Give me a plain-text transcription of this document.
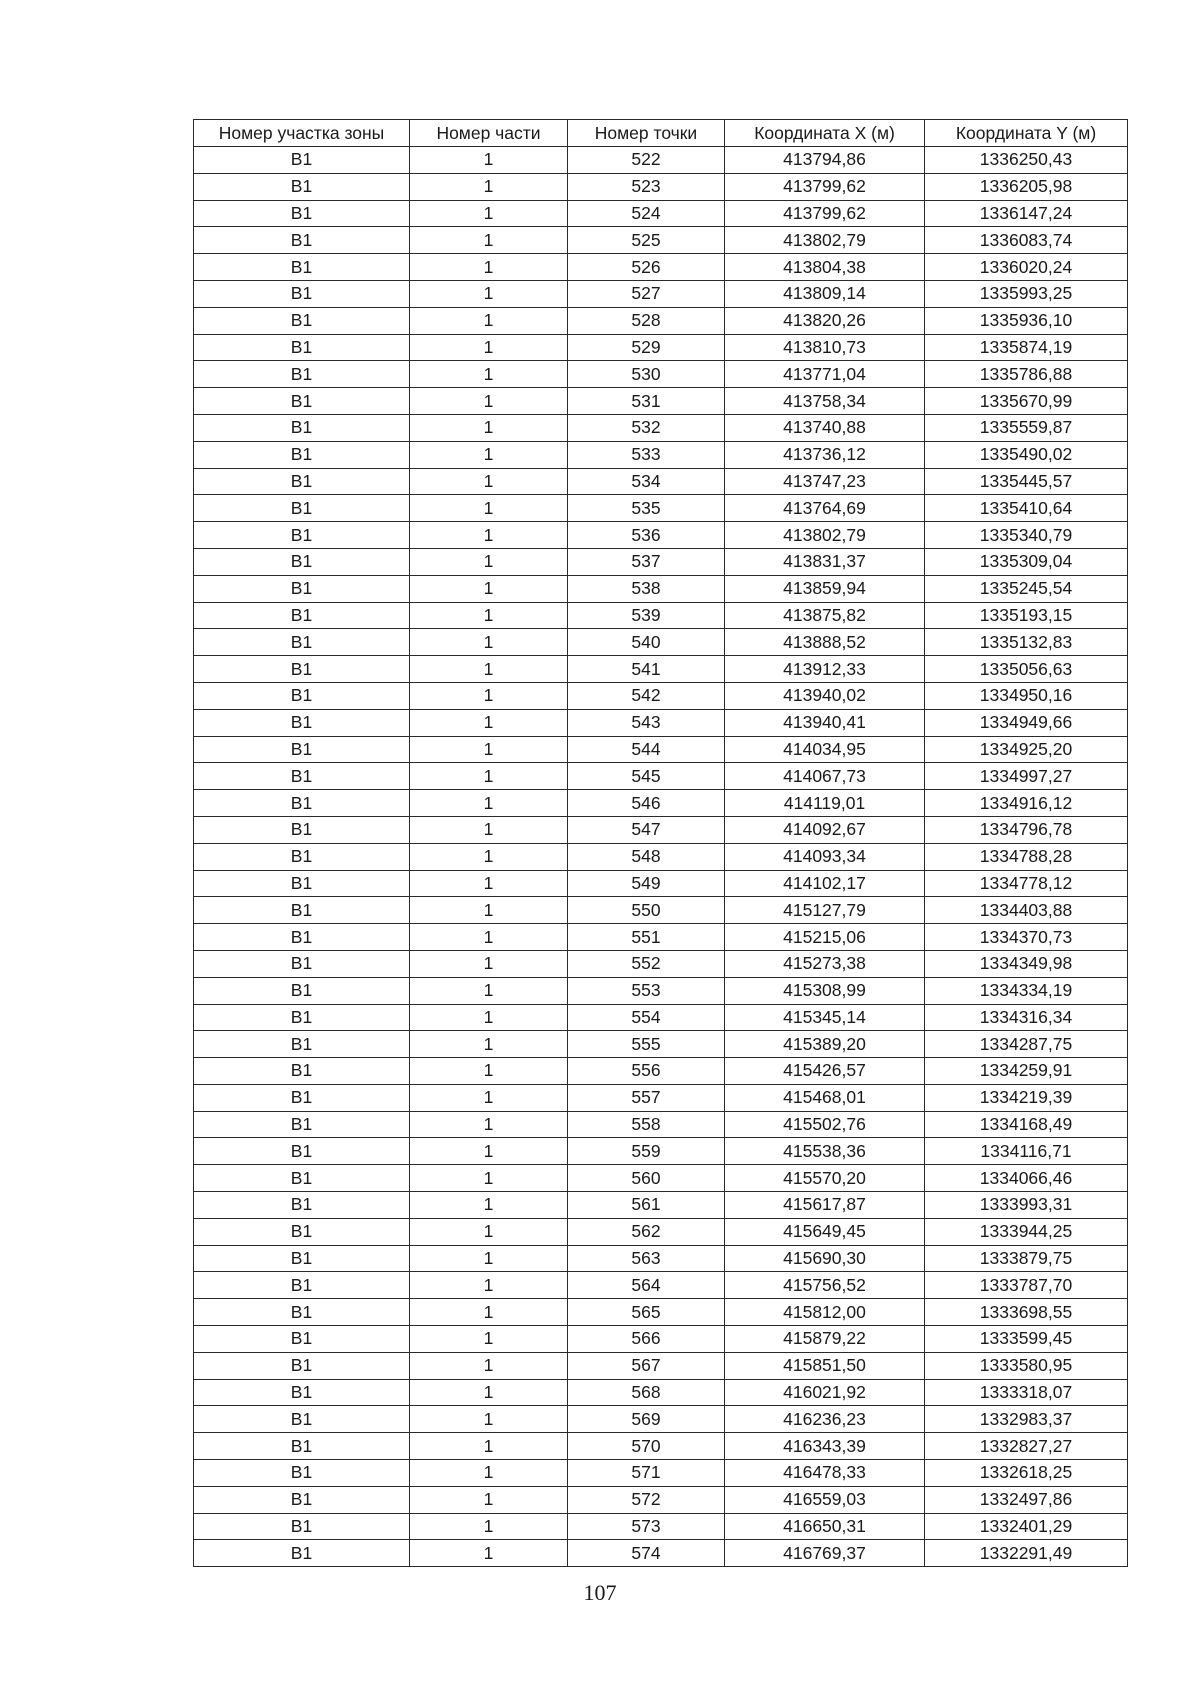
Номер участка зоны	Номер части	Номер точки	Координата X (м)	Координата Y (м)
B1	1	522	413794,86	1336250,43
B1	1	523	413799,62	1336205,98
B1	1	524	413799,62	1336147,24
B1	1	525	413802,79	1336083,74
B1	1	526	413804,38	1336020,24
B1	1	527	413809,14	1335993,25
B1	1	528	413820,26	1335936,10
B1	1	529	413810,73	1335874,19
B1	1	530	413771,04	1335786,88
B1	1	531	413758,34	1335670,99
B1	1	532	413740,88	1335559,87
B1	1	533	413736,12	1335490,02
B1	1	534	413747,23	1335445,57
B1	1	535	413764,69	1335410,64
B1	1	536	413802,79	1335340,79
B1	1	537	413831,37	1335309,04
B1	1	538	413859,94	1335245,54
B1	1	539	413875,82	1335193,15
B1	1	540	413888,52	1335132,83
B1	1	541	413912,33	1335056,63
B1	1	542	413940,02	1334950,16
B1	1	543	413940,41	1334949,66
B1	1	544	414034,95	1334925,20
B1	1	545	414067,73	1334997,27
B1	1	546	414119,01	1334916,12
B1	1	547	414092,67	1334796,78
B1	1	548	414093,34	1334788,28
B1	1	549	414102,17	1334778,12
B1	1	550	415127,79	1334403,88
B1	1	551	415215,06	1334370,73
B1	1	552	415273,38	1334349,98
B1	1	553	415308,99	1334334,19
B1	1	554	415345,14	1334316,34
B1	1	555	415389,20	1334287,75
B1	1	556	415426,57	1334259,91
B1	1	557	415468,01	1334219,39
B1	1	558	415502,76	1334168,49
B1	1	559	415538,36	1334116,71
B1	1	560	415570,20	1334066,46
B1	1	561	415617,87	1333993,31
B1	1	562	415649,45	1333944,25
B1	1	563	415690,30	1333879,75
B1	1	564	415756,52	1333787,70
B1	1	565	415812,00	1333698,55
B1	1	566	415879,22	1333599,45
B1	1	567	415851,50	1333580,95
B1	1	568	416021,92	1333318,07
B1	1	569	416236,23	1332983,37
B1	1	570	416343,39	1332827,27
B1	1	571	416478,33	1332618,25
B1	1	572	416559,03	1332497,86
B1	1	573	416650,31	1332401,29
B1	1	574	416769,37	1332291,49
107
